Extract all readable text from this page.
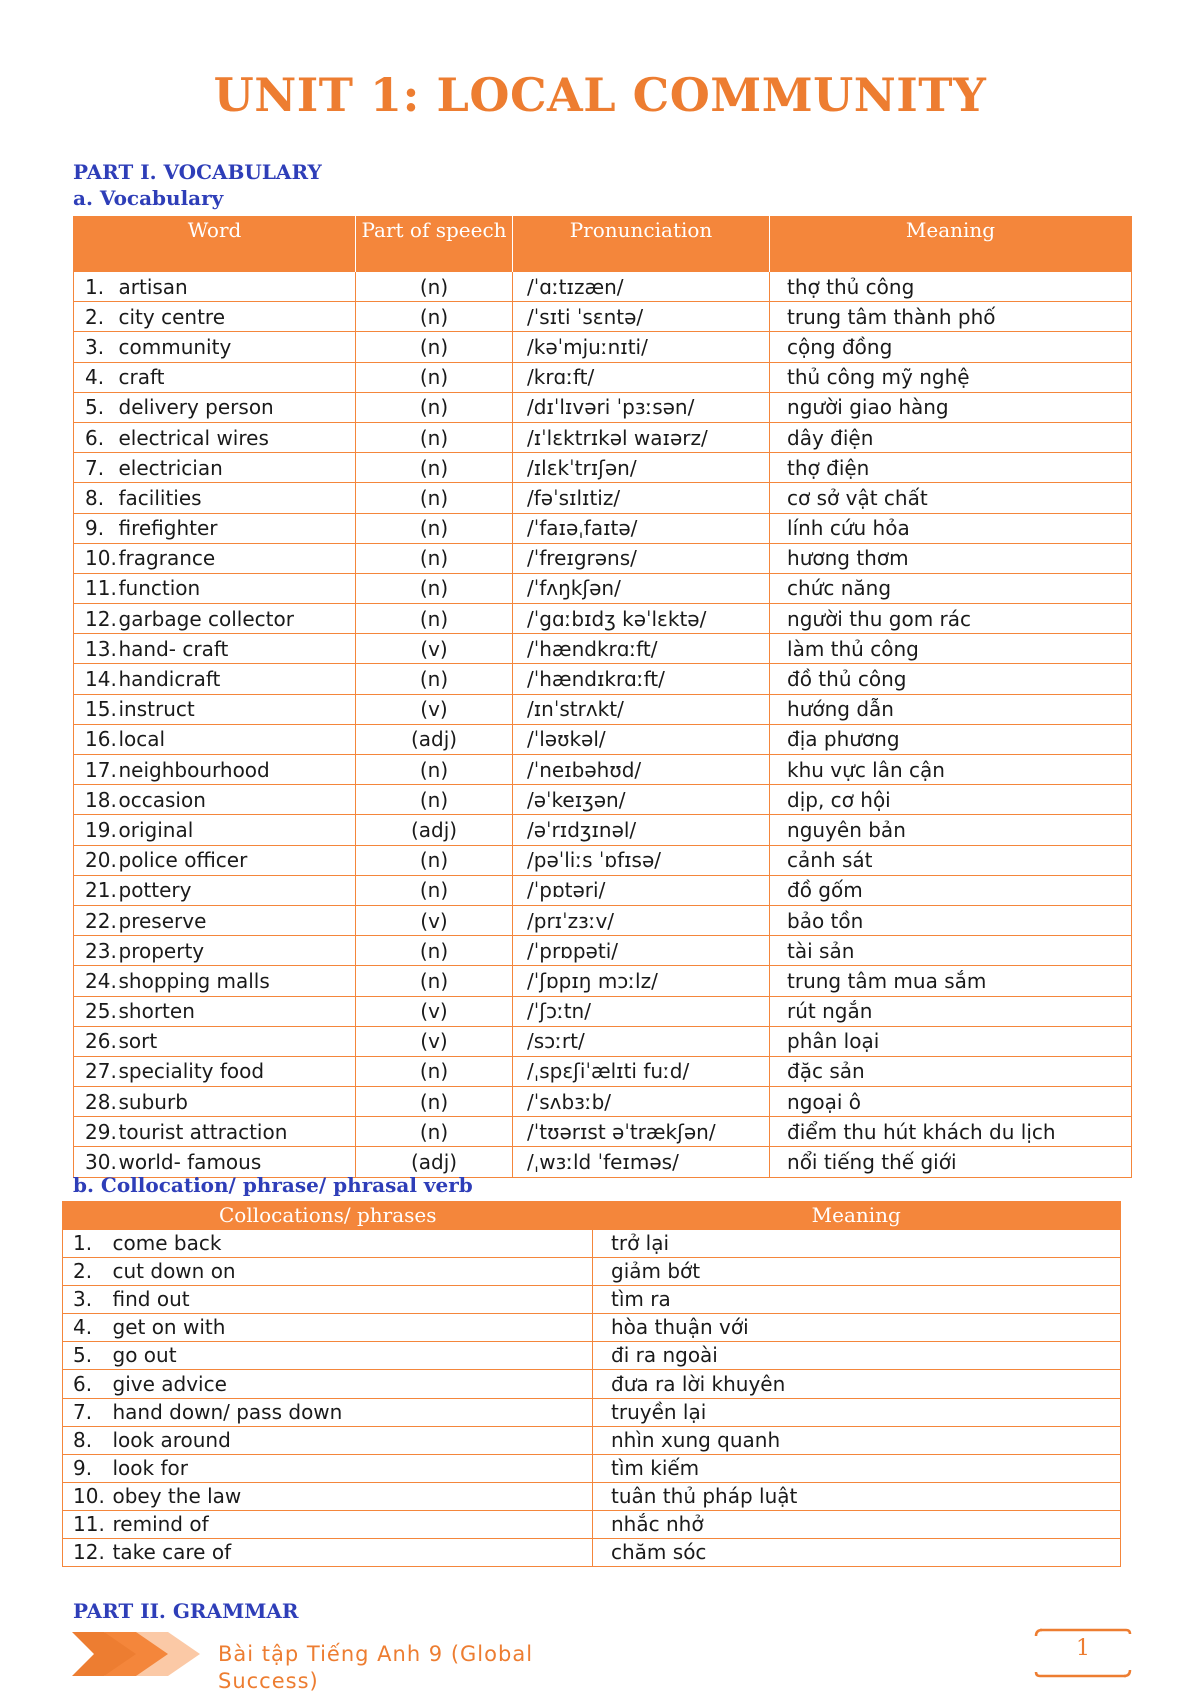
UNIT 1: LOCAL COMMUNITY
PART I. VOCABULARY
a. Vocabulary
Word		Part of speech	Pronunciation	Meaning
1.	artisan	(n)	/ˈɑːtɪzæn/	thợ thủ công
2.	city centre	(n)	/ˈsɪti ˈsɛntə/	trung tâm thành phố
3.	community	(n)	/kəˈmjuːnɪti/	cộng đồng
4.	craft	(n)	/krɑːft/	thủ công mỹ nghệ
5.	delivery person	(n)	/dɪˈlɪvəri ˈpɜːsən/	người giao hàng
6.	electrical wires	(n)	/ɪˈlɛktrɪkəl waɪərz/	dây điện
7.	electrician	(n)	/ɪlɛkˈtrɪʃən/	thợ điện
8.	facilities	(n)	/fəˈsɪlɪtiz/	cơ sở vật chất
9.	firefighter	(n)	/ˈfaɪəˌfaɪtə/	lính cứu hỏa
10.	fragrance	(n)	/ˈfreɪgrəns/	hương thơm
11.	function	(n)	/ˈfʌŋkʃən/	chức năng
12.	garbage collector	(n)	/ˈgɑːbɪdʒ kəˈlɛktə/	người thu gom rác
13.	hand- craft	(v)	/ˈhændkrɑːft/	làm thủ công
14.	handicraft	(n)	/ˈhændɪkrɑːft/	đồ thủ công
15.	instruct	(v)	/ɪnˈstrʌkt/	hướng dẫn
16.	local	(adj)	/ˈləʊkəl/	địa phương
17.	neighbourhood	(n)	/ˈneɪbəhʊd/	khu vực lân cận
18.	occasion	(n)	/əˈkeɪʒən/	dịp, cơ hội
19.	original	(adj)	/əˈrɪdʒɪnəl/	nguyên bản
20.	police officer	(n)	/pəˈliːs ˈɒfɪsə/	cảnh sát
21.	pottery	(n)	/ˈpɒtəri/	đồ gốm
22.	preserve	(v)	/prɪˈzɜːv/	bảo tồn
23.	property	(n)	/ˈprɒpəti/	tài sản
24.	shopping malls	(n)	/ˈʃɒpɪŋ mɔːlz/	trung tâm mua sắm
25.	shorten	(v)	/ˈʃɔːtn/	rút ngắn
26.	sort	(v)	/sɔːrt/	phân loại
27.	speciality food	(n)	/ˌspɛʃiˈælɪti fuːd/	đặc sản
28.	suburb	(n)	/ˈsʌbɜːb/	ngoại ô
29.	tourist attraction	(n)	/ˈtʊərɪst əˈtrækʃən/	điểm thu hút khách du lịch
30.	world- famous	(adj)	/ˌwɜːld ˈfeɪməs/	nổi tiếng thế giới
b. Collocation/ phrase/ phrasal verb
Collocations/ phrases		Meaning
1.	come back	trở lại
2.	cut down on	giảm bớt
3.	find out	tìm ra
4.	get on with	hòa thuận với
5.	go out	đi ra ngoài
6.	give advice	đưa ra lời khuyên
7.	hand down/ pass down	truyền lại
8.	look around	nhìn xung quanh
9.	look for	tìm kiếm
10.	obey the law	tuân thủ pháp luật
11.	remind of	nhắc nhở
12.	take care of	chăm sóc
PART II. GRAMMAR
Bài tập Tiếng Anh 9 (Global Success)
1
